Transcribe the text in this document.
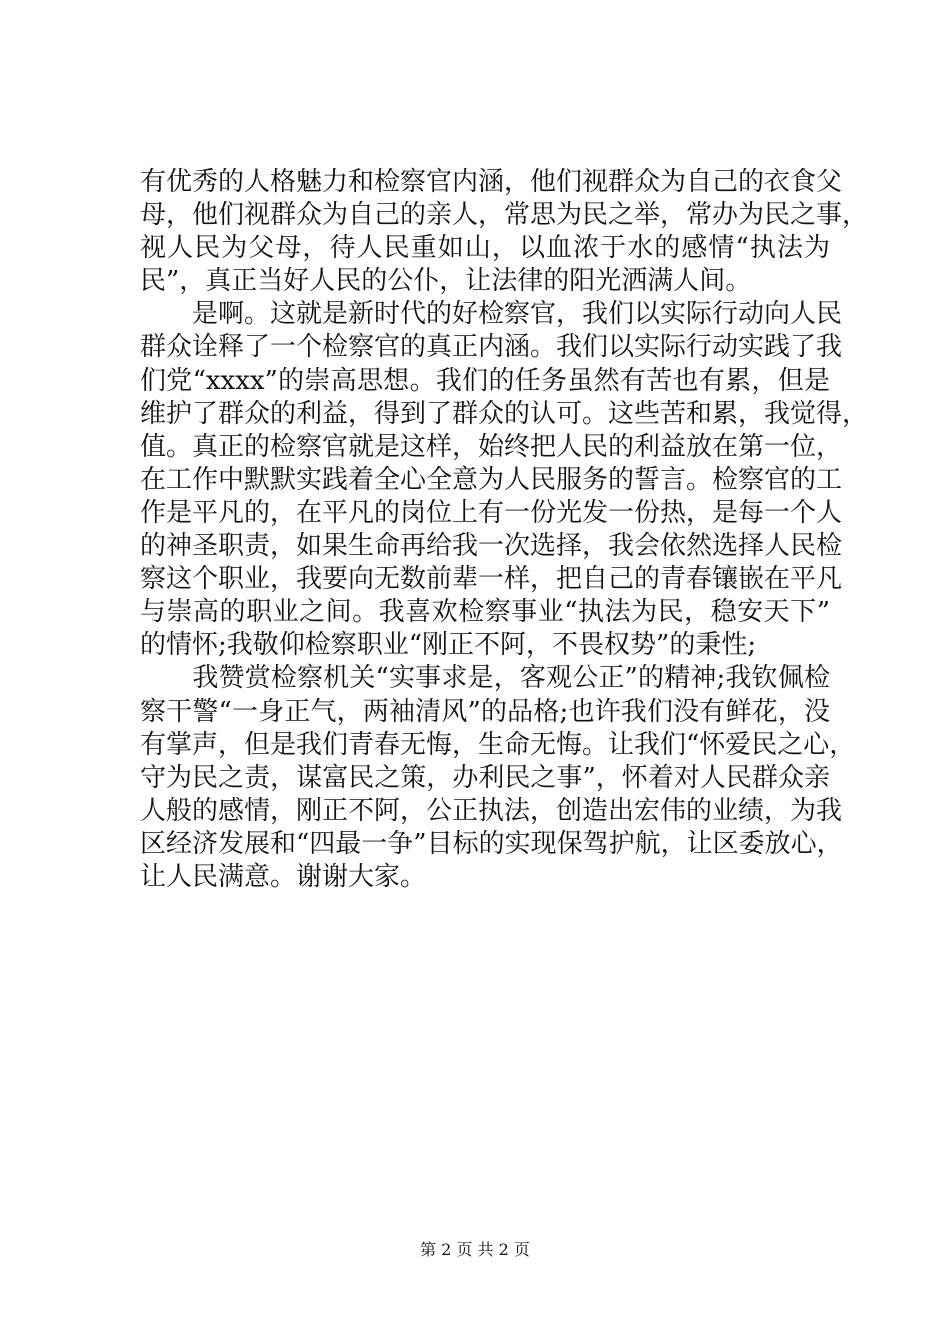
有优秀的人格魅力和检察官内涵，他们视群众为自己的衣食父
母，他们视群众为自己的亲人，常思为民之举，常办为民之事，
视人民为父母，待人民重如山，以血浓于水的感情“执法为
民”，真正当好人民的公仆，让法律的阳光洒满人间。
　　是啊。这就是新时代的好检察官，我们以实际行动向人民
群众诠释了一个检察官的真正内涵。我们以实际行动实践了我
们党“xxxx”的崇高思想。我们的任务虽然有苦也有累，但是
维护了群众的利益，得到了群众的认可。这些苦和累，我觉得，
值。真正的检察官就是这样，始终把人民的利益放在第一位，
在工作中默默实践着全心全意为人民服务的誓言。检察官的工
作是平凡的，在平凡的岗位上有一份光发一份热，是每一个人
的神圣职责，如果生命再给我一次选择，我会依然选择人民检
察这个职业，我要向无数前辈一样，把自己的青春镶嵌在平凡
与崇高的职业之间。我喜欢检察事业“执法为民，稳安天下”
的情怀;我敬仰检察职业“刚正不阿，不畏权势”的秉性;
　　我赞赏检察机关“实事求是，客观公正”的精神;我钦佩检
察干警“一身正气，两袖清风”的品格;也许我们没有鲜花，没
有掌声，但是我们青春无悔，生命无悔。让我们“怀爱民之心，
守为民之责，谋富民之策，办利民之事”，怀着对人民群众亲
人般的感情，刚正不阿，公正执法，创造出宏伟的业绩，为我
区经济发展和“四最一争”目标的实现保驾护航，让区委放心，
让人民满意。谢谢大家。
第 2 页 共 2 页
